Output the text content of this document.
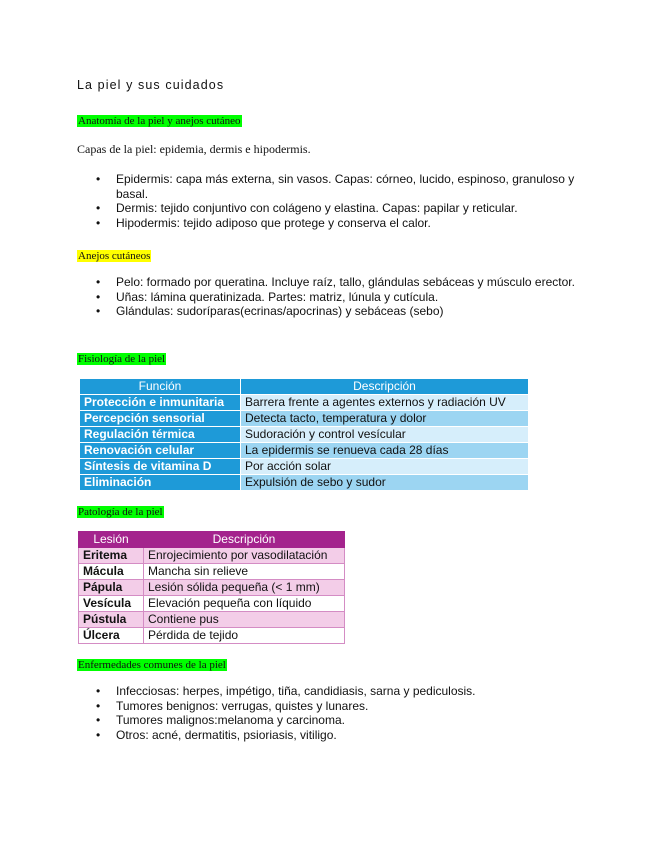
La piel y sus cuidados
Anatomía de la piel y anejos cutáneo
Capas de la piel: epidemia, dermis e hipodermis.
• Epidermis: capa más externa, sin vasos. Capas: córneo, lucido, espinoso, granuloso y basal.
• Dermis: tejido conjuntivo con colágeno y elastina. Capas: papilar y reticular.
• Hipodermis: tejido adiposo que protege y conserva el calor.
Anejos cutáneos
• Pelo: formado por queratina. Incluye raíz, tallo, glándulas sebáceas y músculo erector.
• Uñas: lámina queratinizada. Partes: matriz, lúnula y cutícula.
• Glándulas: sudoríparas(ecrinas/apocrinas) y sebáceas (sebo)
Fisiología de la piel
Función	Descripción
Protección e inmunitaria	Barrera frente a agentes externos y radiación UV
Percepción sensorial	Detecta tacto, temperatura y dolor
Regulación térmica	Sudoración y control vesícular
Renovación celular	La epidermis se renueva cada 28 días
Síntesis de vitamina D	Por acción solar
Eliminación	Expulsión de sebo y sudor
Patología de la piel
Lesión	Descripción
Eritema	Enrojecimiento por vasodilatación
Mácula	Mancha sin relieve
Pápula	Lesión sólida pequeña (< 1 mm)
Vesícula	Elevación pequeña con líquido
Pústula	Contiene pus
Úlcera	Pérdida de tejido
Enfermedades comunes de la piel
• Infecciosas: herpes, impétigo, tiña, candidiasis, sarna y pediculosis.
• Tumores benignos: verrugas, quistes y lunares.
• Tumores malignos:melanoma y carcinoma.
• Otros: acné, dermatitis, psioriasis, vitiligo.
